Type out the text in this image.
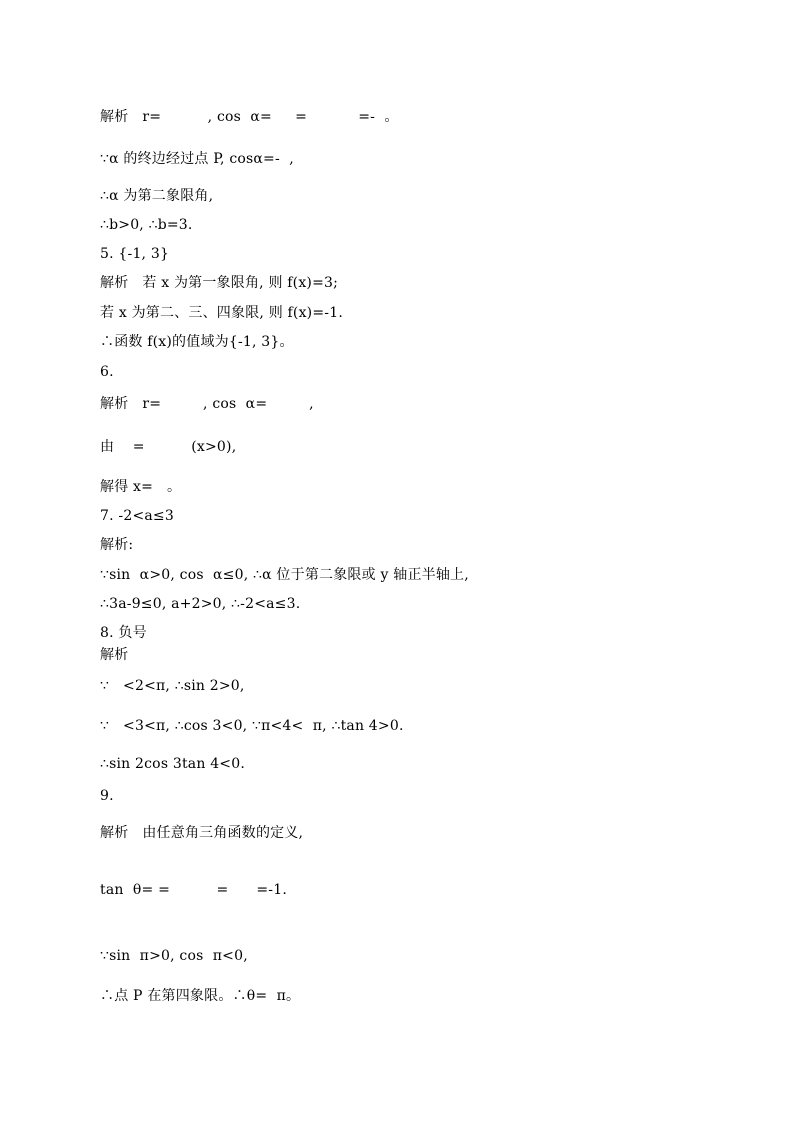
解析   r=          , cos  α=     =           =-  。
∵α 的终边经过点 P, cosα=-  ,
∴α 为第二象限角,
∴b>0, ∴b=3.
5. {-1, 3}
解析   若 x 为第一象限角, 则 f(x)=3;
若 x 为第二、三、四象限, 则 f(x)=-1.
∴函数 f(x)的值域为{-1, 3}。
6.
解析   r=         , cos  α=         ,
由    =          (x>0),
解得 x=   。
7. -2<a≤3
解析:
∵sin  α>0, cos  α≤0, ∴α 位于第二象限或 y 轴正半轴上,
∴3a-9≤0, a+2>0, ∴-2<a≤3.
8. 负号
解析
∵   <2<π, ∴sin 2>0,
∵   <3<π, ∴cos 3<0, ∵π<4<  π, ∴tan 4>0.
∴sin 2cos 3tan 4<0.
9.
解析   由任意角三角函数的定义,
tan  θ= =          =      =-1.
∵sin  π>0, cos  π<0,
∴点 P 在第四象限。∴θ=  π。
